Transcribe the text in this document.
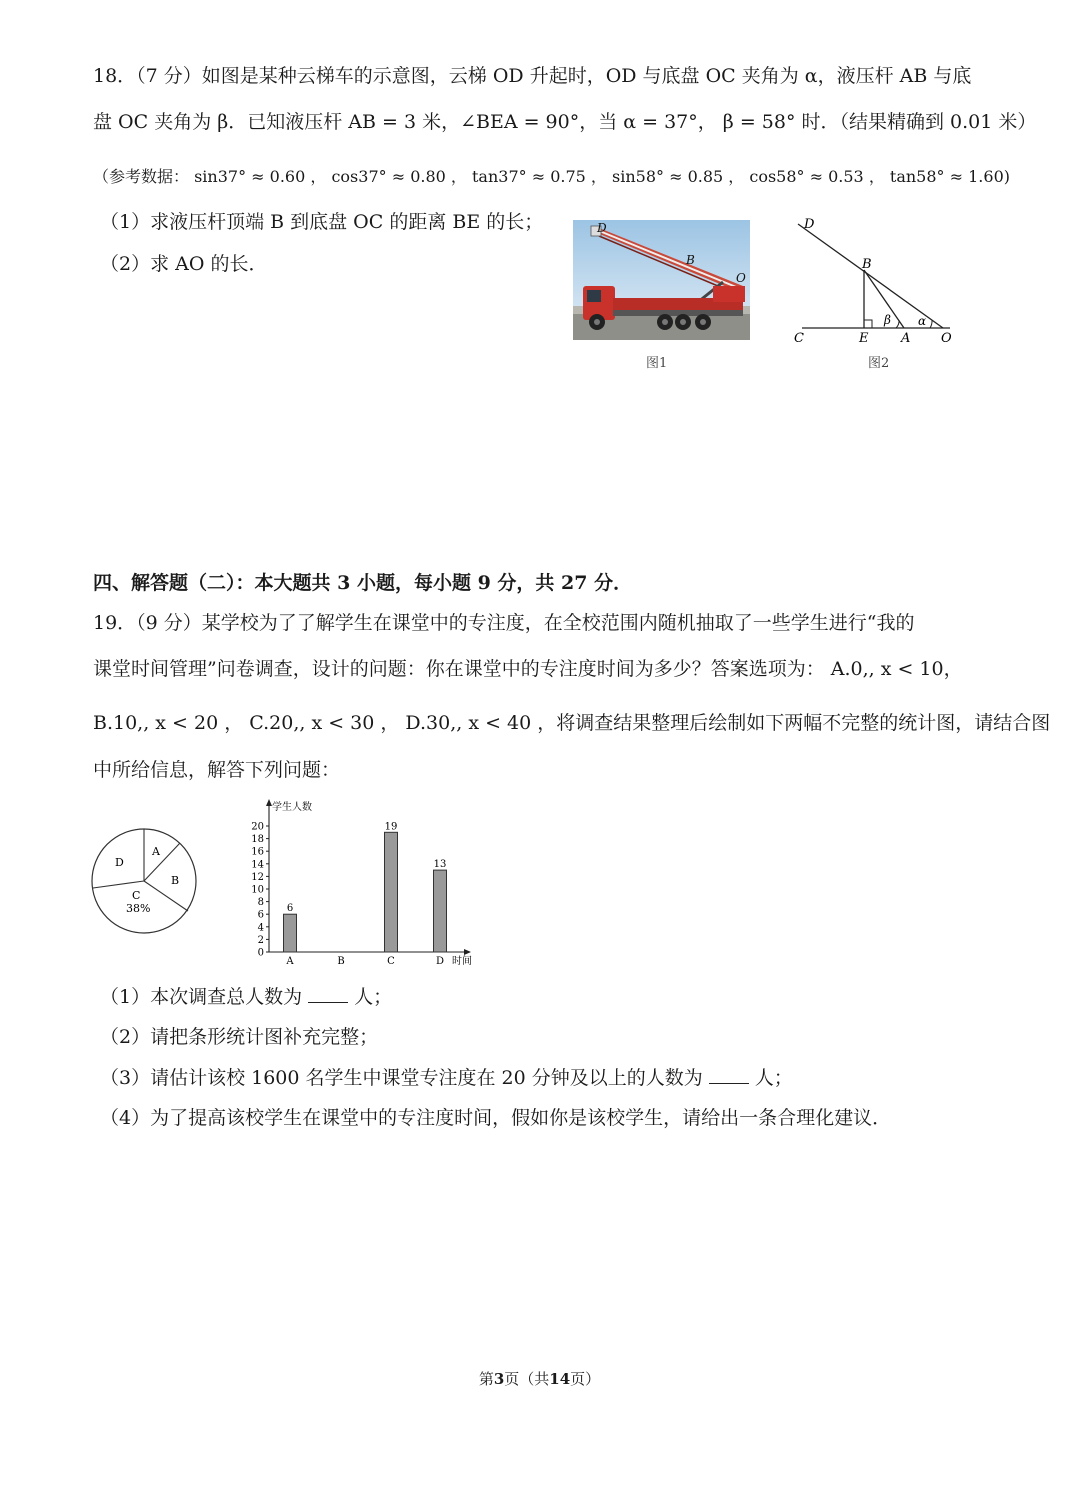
18．（7 分）如图是某种云梯车的示意图，云梯 OD 升起时，OD 与底盘 OC 夹角为 α，液压杆 AB 与底
盘 OC 夹角为 β．已知液压杆 AB = 3 米，∠BEA = 90°，当 α = 37°， β = 58° 时．（结果精确到 0.01 米）
（参考数据： sin37° ≈ 0.60 ， cos37° ≈ 0.80 ， tan37° ≈ 0.75 ， sin58° ≈ 0.85 ， cos58° ≈ 0.53 ， tan58° ≈ 1.60)
（1）求液压杆顶端 B 到底盘 OC 的距离 BE 的长；
（2）求 AO 的长．
D
B
O
图1
D
B
C	E	A O
β α
图2
四、解答题（二）：本大题共 3 小题，每小题 9 分，共 27 分．
19．（9 分）某学校为了了解学生在课堂中的专注度，在全校范围内随机抽取了一些学生进行“我的
课堂时间管理”问卷调查，设计的问题：你在课堂中的专注度时间为多少？答案选项为： A.0,, x < 10，
B.10,, x < 20 ， C.20,, x < 30 ， D.30,, x < 40 ，将调查结果整理后绘制如下两幅不完整的统计图，请结合图
中所给信息，解答下列问题：
A
B
C
38%
D
学生人数
时间
0
2
4
6
8
10
12
14
16
18
20
A
6
B	C
19
D
13
（1）本次调查总人数为	人；
（2）请把条形统计图补充完整；
（3）请估计该校 1600 名学生中课堂专注度在 20 分钟及以上的人数为	人；
（4）为了提高该校学生在课堂中的专注度时间，假如你是该校学生，请给出一条合理化建议．
第3页（共14页）
